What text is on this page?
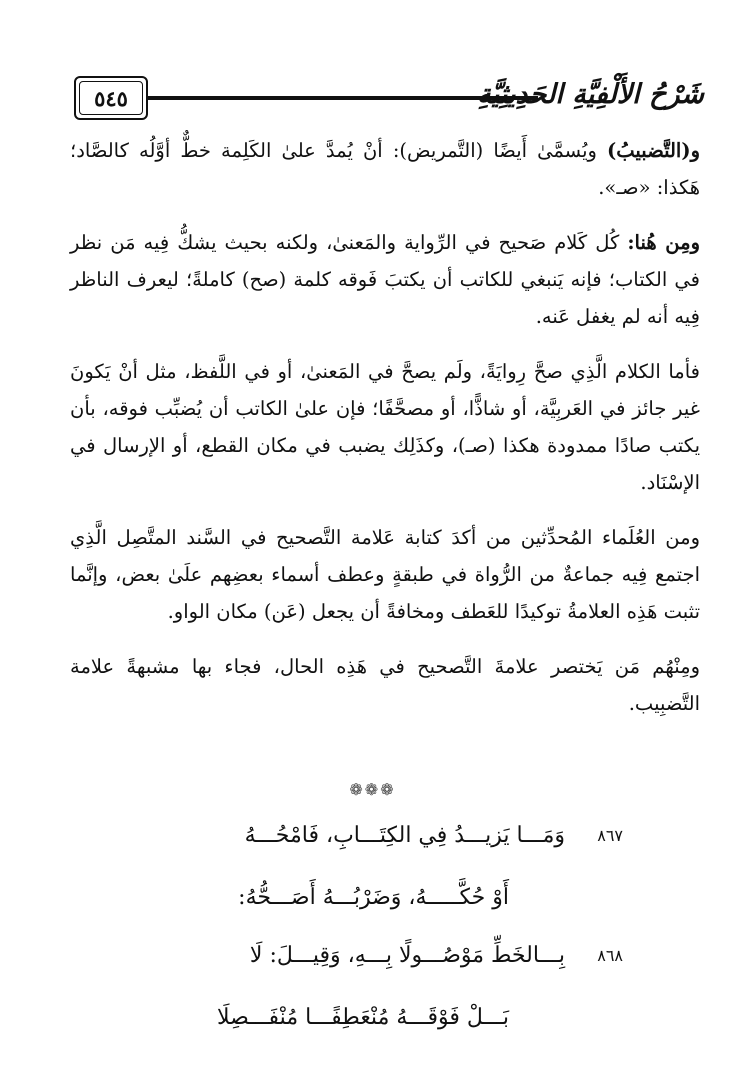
٥٤٥	شَرْحُ الأَلْفِيَّةِ الحَدِيثِيَّةِ

و(التَّضبيبُ) ويُسمَّىٰ أَيضًا (التَّمريض): أنْ يُمدَّ علىٰ الكَلِمة خطٌّ أوَّلُه كالصَّاد؛ هَكذا: «صـ».

ومِن هُنا: كُل كَلام صَحيح في الرِّواية والمَعنىٰ، ولكنه بحيث يشكُّ فِيه مَن نظر في الكتاب؛ فإنه يَنبغي للكاتب أن يكتبَ فَوقه كلمة (صح) كاملةً؛ ليعرف الناظر فِيه أنه لم يغفل عَنه.

فأما الكلام الَّذِي صحَّ رِوايَةً، ولَم يصحَّ في المَعنىٰ، أو في اللَّفظ، مثل أنْ يَكونَ غير جائز في العَربِيَّة، أو شاذًّا، أو مصحَّفًا؛ فإن علىٰ الكاتب أن يُضبِّب فوقه، بأن يكتب صادًا ممدودة هكذا (صـ)، وكذَلِك يضبب في مكان القطع، أو الإرسال في الإسْنَاد.

ومن العُلَماء المُحدِّثين من أكدَ كتابة عَلامة التَّصحيح في السَّند المتَّصِل الَّذِي اجتمع فِيه جماعةٌ من الرُّواة في طبقةٍ وعطف أسماء بعضِهم علَىٰ بعض، وإنَّما تثبت هَذِه العلامةُ توكيدًا للعَطف ومخافةً أن يجعل (عَن) مكان الواو.

ومِنْهُم مَن يَختصر علامةَ التَّصحيح في هَذِه الحال، فجاء بها مشبهةً علامة التَّضبِيب.

❁❁❁
٨٦٧
وَمَـــا يَزيـــدُ فِي الكِتَـــابِ، فَامْحُـــهُ
أَوْ حُكَّـــــهُ، وَضَرْبُـــهُ أَصَـــحُّهُ:
٨٦٨
بِـــالخَطِّ مَوْصُـــولًا بِـــهِ، وَقِيـــلَ: لَا
بَـــلْ فَوْقَـــهُ مُنْعَطِفًـــا مُنْفَـــصِلَا
